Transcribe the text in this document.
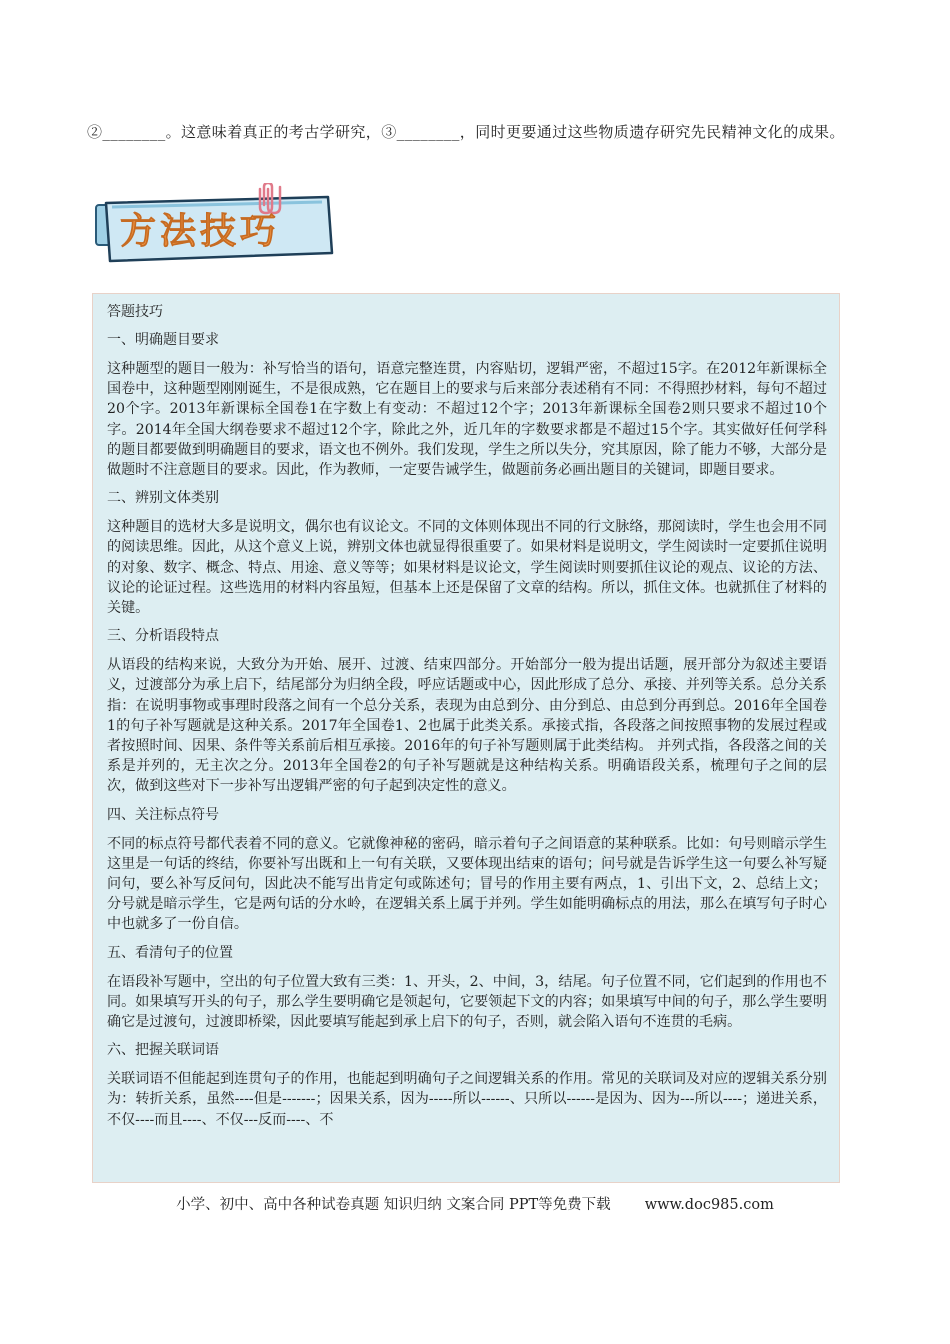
②________。这意味着真正的考古学研究，③________，同时更要通过这些物质遗存研究先民精神文化的成果。
方法技巧
答题技巧
一、明确题目要求

这种题型的题目一般为：补写恰当的语句，语意完整连贯，内容贴切，逻辑严密，不超过15字。在2012年新课标全国卷中，这种题型刚刚诞生，不是很成熟，它在题目上的要求与后来部分表述稍有不同：不得照抄材料，每句不超过20个字。2013年新课标全国卷1在字数上有变动：不超过12个字；2013年新课标全国卷2则只要求不超过10个字。2014年全国大纲卷要求不超过12个字，除此之外，近几年的字数要求都是不超过15个字。其实做好任何学科的题目都要做到明确题目的要求，语文也不例外。我们发现，学生之所以失分，究其原因，除了能力不够，大部分是做题时不注意题目的要求。因此，作为教师，一定要告诫学生，做题前务必画出题目的关键词，即题目要求。

二、辨别文体类别

这种题目的选材大多是说明文，偶尔也有议论文。不同的文体则体现出不同的行文脉络，那阅读时，学生也会用不同的阅读思维。因此，从这个意义上说，辨别文体也就显得很重要了。如果材料是说明文，学生阅读时一定要抓住说明的对象、数字、概念、特点、用途、意义等等；如果材料是议论文，学生阅读时则要抓住议论的观点、议论的方法、议论的论证过程。这些选用的材料内容虽短，但基本上还是保留了文章的结构。所以，抓住文体。也就抓住了材料的关键。

三、分析语段特点

从语段的结构来说，大致分为开始、展开、过渡、结束四部分。开始部分一般为提出话题，展开部分为叙述主要语义，过渡部分为承上启下，结尾部分为归纳全段，呼应话题或中心，因此形成了总分、承接、并列等关系。总分关系指：在说明事物或事理时段落之间有一个总分关系，表现为由总到分、由分到总、由总到分再到总。2016年全国卷1的句子补写题就是这种关系。2017年全国卷1、2也属于此类关系。承接式指，各段落之间按照事物的发展过程或者按照时间、因果、条件等关系前后相互承接。2016年的句子补写题则属于此类结构。 并列式指，各段落之间的关系是并列的，无主次之分。2013年全国卷2的句子补写题就是这种结构关系。明确语段关系，梳理句子之间的层次，做到这些对下一步补写出逻辑严密的句子起到决定性的意义。

四、关注标点符号

不同的标点符号都代表着不同的意义。它就像神秘的密码，暗示着句子之间语意的某种联系。比如：句号则暗示学生这里是一句话的终结，你要补写出既和上一句有关联，又要体现出结束的语句；问号就是告诉学生这一句要么补写疑问句，要么补写反问句，因此决不能写出肯定句或陈述句；冒号的作用主要有两点，1、引出下文，2、总结上文；分号就是暗示学生，它是两句话的分水岭，在逻辑关系上属于并列。学生如能明确标点的用法，那么在填写句子时心中也就多了一份自信。

五、看清句子的位置

在语段补写题中，空出的句子位置大致有三类：1、开头，2、中间，3，结尾。句子位置不同，它们起到的作用也不同。如果填写开头的句子，那么学生要明确它是领起句，它要领起下文的内容；如果填写中间的句子，那么学生要明确它是过渡句，过渡即桥梁，因此要填写能起到承上启下的句子，否则，就会陷入语句不连贯的毛病。

六、把握关联词语

关联词语不但能起到连贯句子的作用，也能起到明确句子之间逻辑关系的作用。常见的关联词及对应的逻辑关系分别为：转折关系，虽然----但是-------；因果关系，因为-----所以------、只所以------是因为、因为---所以----；递进关系，不仅----而且----、不仅---反而----、不

小学、初中、高中各种试卷真题 知识归纳 文案合同 PPT等免费下载 www.doc985.com
